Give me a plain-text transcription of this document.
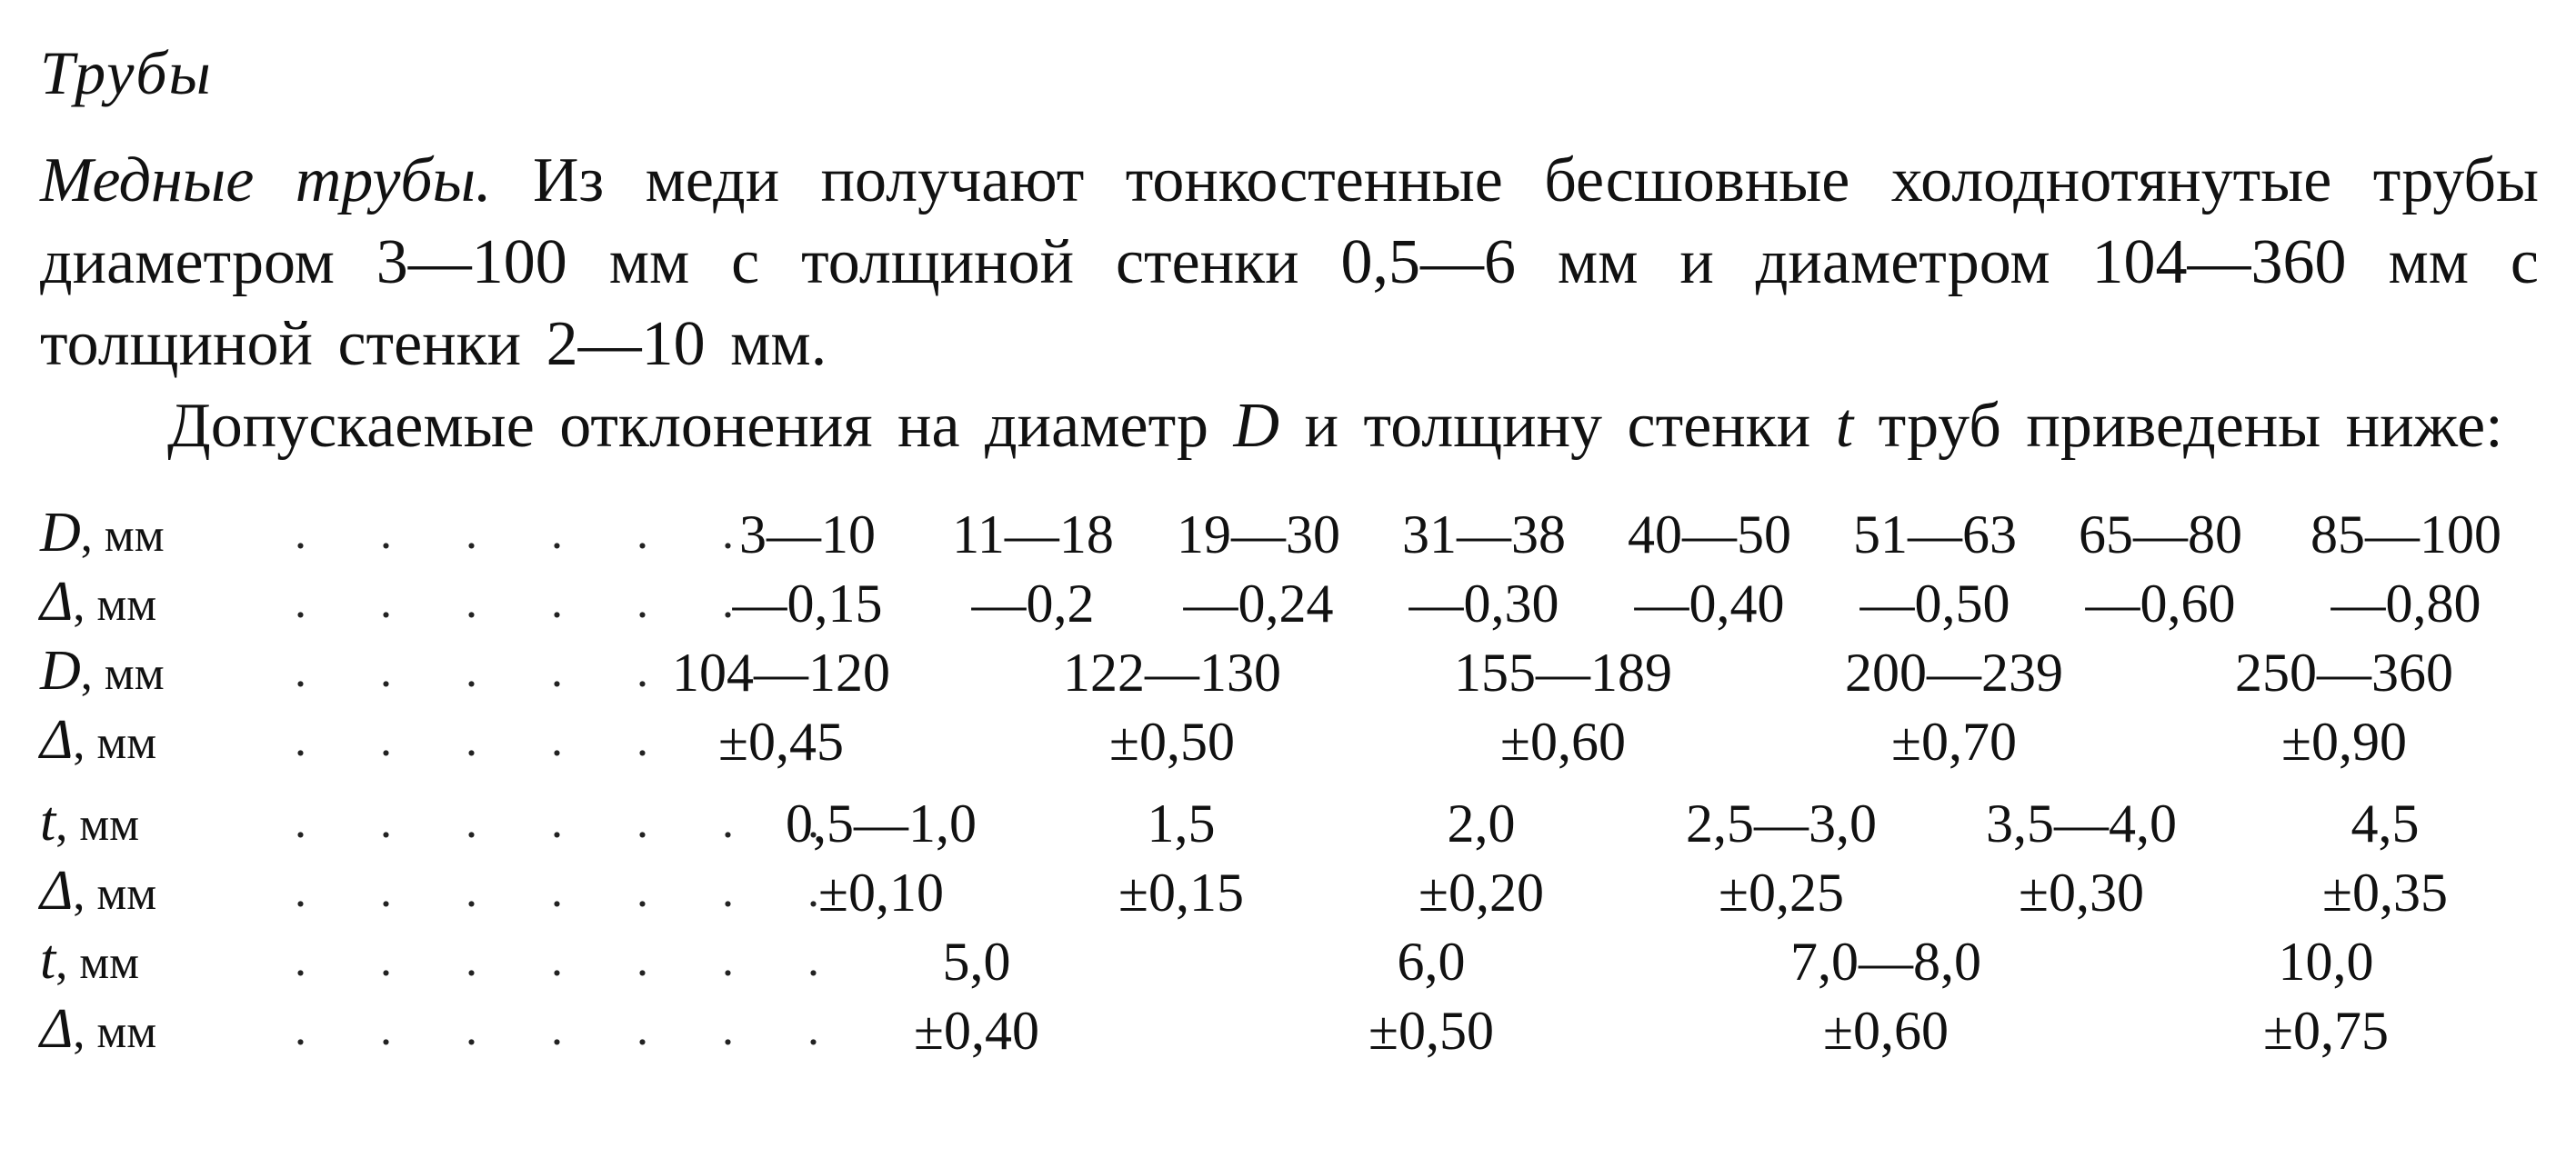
Трубы

Медные трубы. Из меди получают тонкостенные бесшовные холоднотянутые трубы диаметром 3—100 мм с толщиной стенки 0,5—6 мм и диаметром 104—360 мм с толщиной стенки 2—10 мм.

Допускаемые отклонения на диаметр D и толщину стенки t труб приведены ниже:

D, мм . . . . . .	3—10	11—18	19—30	31—38	40—50	51—63	65—80	85—100
Δ, мм . . . . . .	—0,15	—0,2	—0,24	—0,30	—0,40	—0,50	—0,60	—0,80
D, мм . . . . .	104—120	122—130	155—189	200—239	250—360
Δ, мм . . . . .	±0,45	±0,50	±0,60	±0,70	±0,90
t, мм . . . . . . .	0,5—1,0	1,5	2,0	2,5—3,0	3,5—4,0	4,5
Δ, мм . . . . . . .	±0,10	±0,15	±0,20	±0,25	±0,30	±0,35
t, мм . . . . . . .	5,0	6,0	7,0—8,0	10,0
Δ, мм . . . . . . .	±0,40	±0,50	±0,60	±0,75
